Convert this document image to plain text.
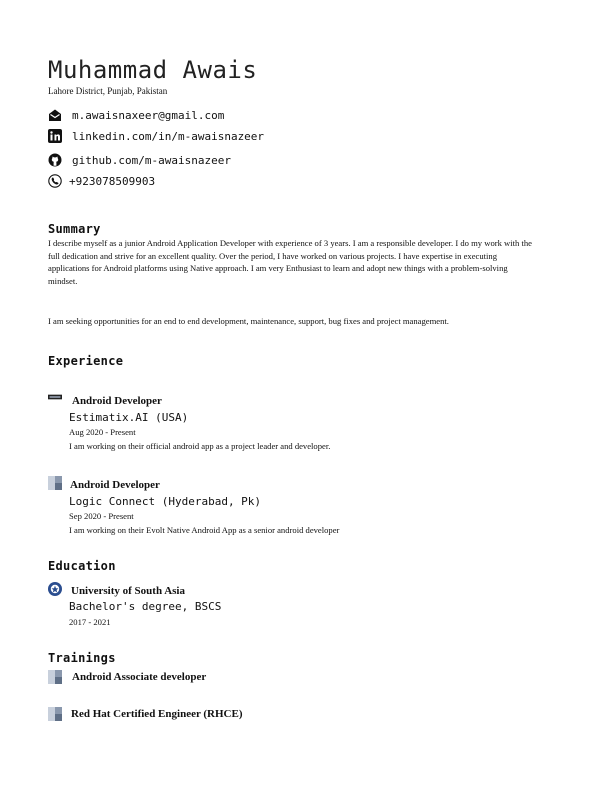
Muhammad Awais
Lahore District, Punjab, Pakistan
m.awaisnaxeer@gmail.com
linkedin.com/in/m-awaisnazeer
github.com/m-awaisnazeer
+923078509903
Summary
I describe myself as a junior Android Application Developer with experience of 3 years. I am a responsible developer. I do my work with the full dedication and strive for an excellent quality. Over the period, I have worked on various projects. I have expertise in executing applications for Android platforms using Native approach. I am very Enthusiast to learn and adopt new things with a problem-solving mindset.
I am seeking opportunities for an end to end development, maintenance, support, bug fixes and project management.
Experience
Android Developer
Estimatix.AI (USA)
Aug 2020 - Present
I am working on their official android app as a project leader and developer.
Android Developer
Logic Connect (Hyderabad, Pk)
Sep 2020 - Present
I am working on their Evolt Native Android App as a senior android developer
Education
University of South Asia
Bachelor's degree, BSCS
2017 - 2021
Trainings
Android Associate developer
Red Hat Certified Engineer (RHCE)
